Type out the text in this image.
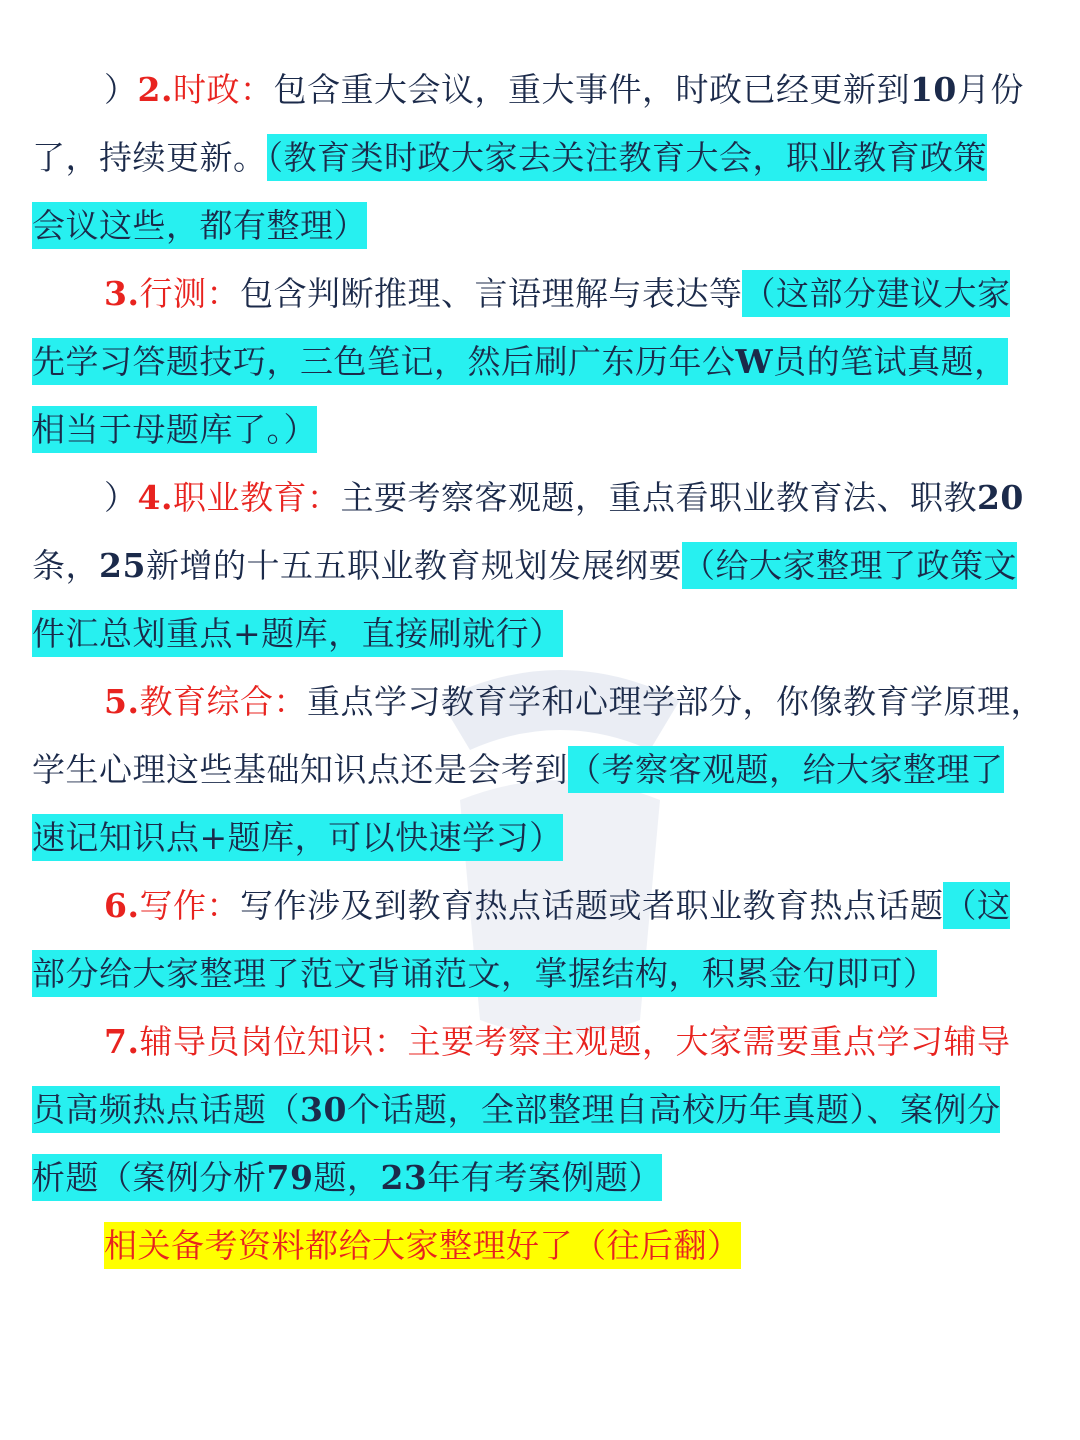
）2.时政：包含重大会议，重大事件，时政已经更新到10月份
了，持续更新。（教育类时政大家去关注教育大会，职业教育政策
会议这些，都有整理）
3.行测：包含判断推理、言语理解与表达等（这部分建议大家
先学习答题技巧，三色笔记，然后刷广东历年公W员的笔试真题，
相当于母题库了。）
）4.职业教育：主要考察客观题，重点看职业教育法、职教20
条，25新增的十五五职业教育规划发展纲要（给大家整理了政策文
件汇总划重点+题库，直接刷就行）
5.教育综合：重点学习教育学和心理学部分，你像教育学原理，
学生心理这些基础知识点还是会考到（考察客观题，给大家整理了
速记知识点+题库，可以快速学习）
6.写作：写作涉及到教育热点话题或者职业教育热点话题（这
部分给大家整理了范文背诵范文，掌握结构，积累金句即可）
7.辅导员岗位知识：主要考察主观题，大家需要重点学习辅导
员高频热点话题（30个话题，全部整理自高校历年真题）、案例分
析题（案例分析79题，23年有考案例题）
相关备考资料都给大家整理好了（往后翻）
